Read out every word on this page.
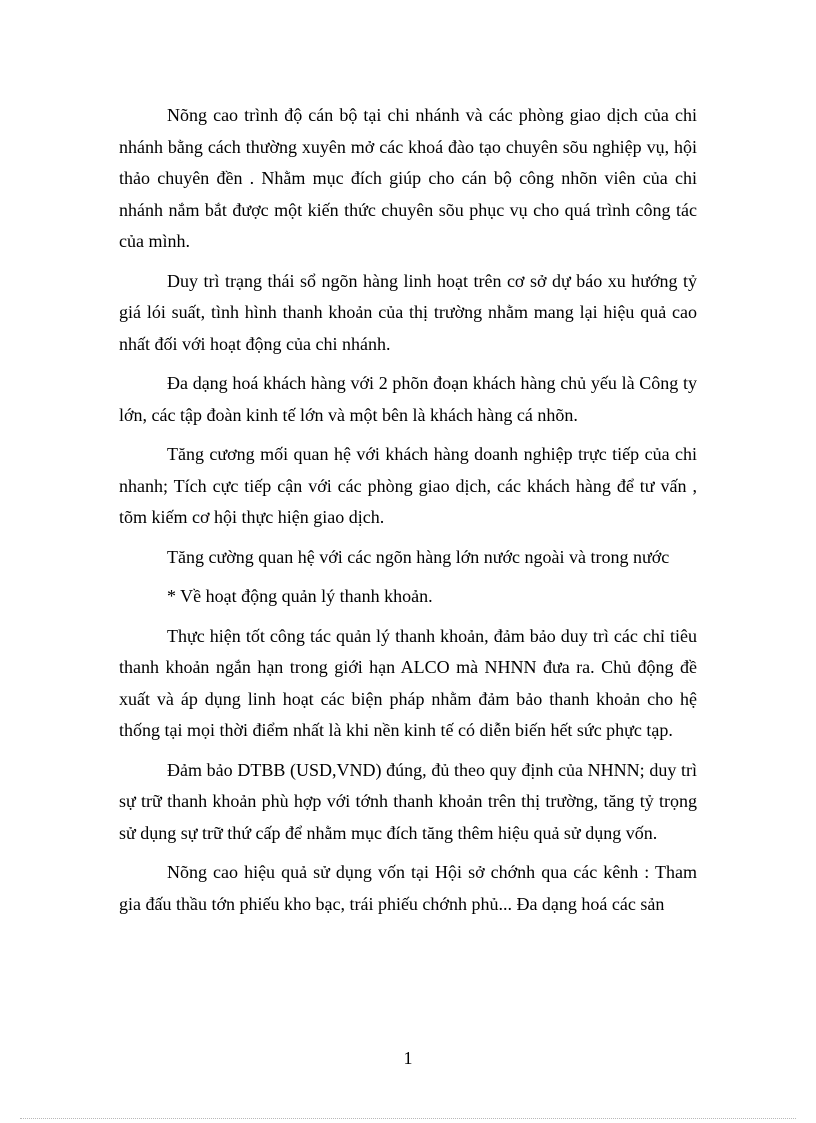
Nõng cao trình độ cán bộ tại chi nhánh và các phòng giao dịch của chi nhánh bằng cách thường xuyên mở các khoá đào tạo chuyên sõu nghiệp vụ, hội thảo chuyên đền . Nhằm mục đích giúp cho cán bộ công nhõn viên của chi nhánh nắm bắt được một kiến thức chuyên sõu phục vụ cho quá trình công tác của mình.

Duy trì trạng thái sổ ngõn hàng linh hoạt trên cơ sở dự báo xu hướng tỷ giá lói suất, tình hình thanh khoản của thị trường nhằm mang lại hiệu quả cao nhất đối với hoạt động của chi nhánh.

Đa dạng hoá khách hàng với 2 phõn đoạn khách hàng chủ yếu là Công ty lớn, các tập đoàn kinh tế lớn và một bên là khách hàng cá nhõn.

Tăng cương mối quan hệ với khách hàng doanh nghiệp trực tiếp của chi nhanh; Tích cực tiếp cận với các phòng giao dịch, các khách hàng để tư vấn , tõm kiếm cơ hội thực hiện giao dịch.

Tăng cường quan hệ với các ngõn hàng lớn nước ngoài và trong nước

* Về hoạt động quản lý thanh khoản.

Thực hiện tốt công tác quản lý thanh khoản, đảm bảo duy trì các chỉ tiêu thanh khoản ngắn hạn trong giới hạn ALCO mà NHNN đưa ra. Chủ động đề xuất và áp dụng linh hoạt các biện pháp nhằm đảm bảo thanh khoản cho hệ thống tại mọi thời điểm nhất là khi nền kinh tế có diễn biến hết sức phực tạp.

Đảm bảo DTBB (USD,VND) đúng, đủ theo quy định của NHNN; duy trì sự trữ thanh khoản phù hợp với tớnh thanh khoản trên thị trường, tăng tỷ trọng sử dụng sự trữ thứ cấp để nhằm mục đích tăng thêm hiệu quả sử dụng vốn.

Nõng cao hiệu quả sử dụng vốn tại Hội sở chớnh qua các kênh : Tham gia đấu thầu tớn phiếu kho bạc, trái phiếu chớnh phủ... Đa dạng hoá các sản

1
